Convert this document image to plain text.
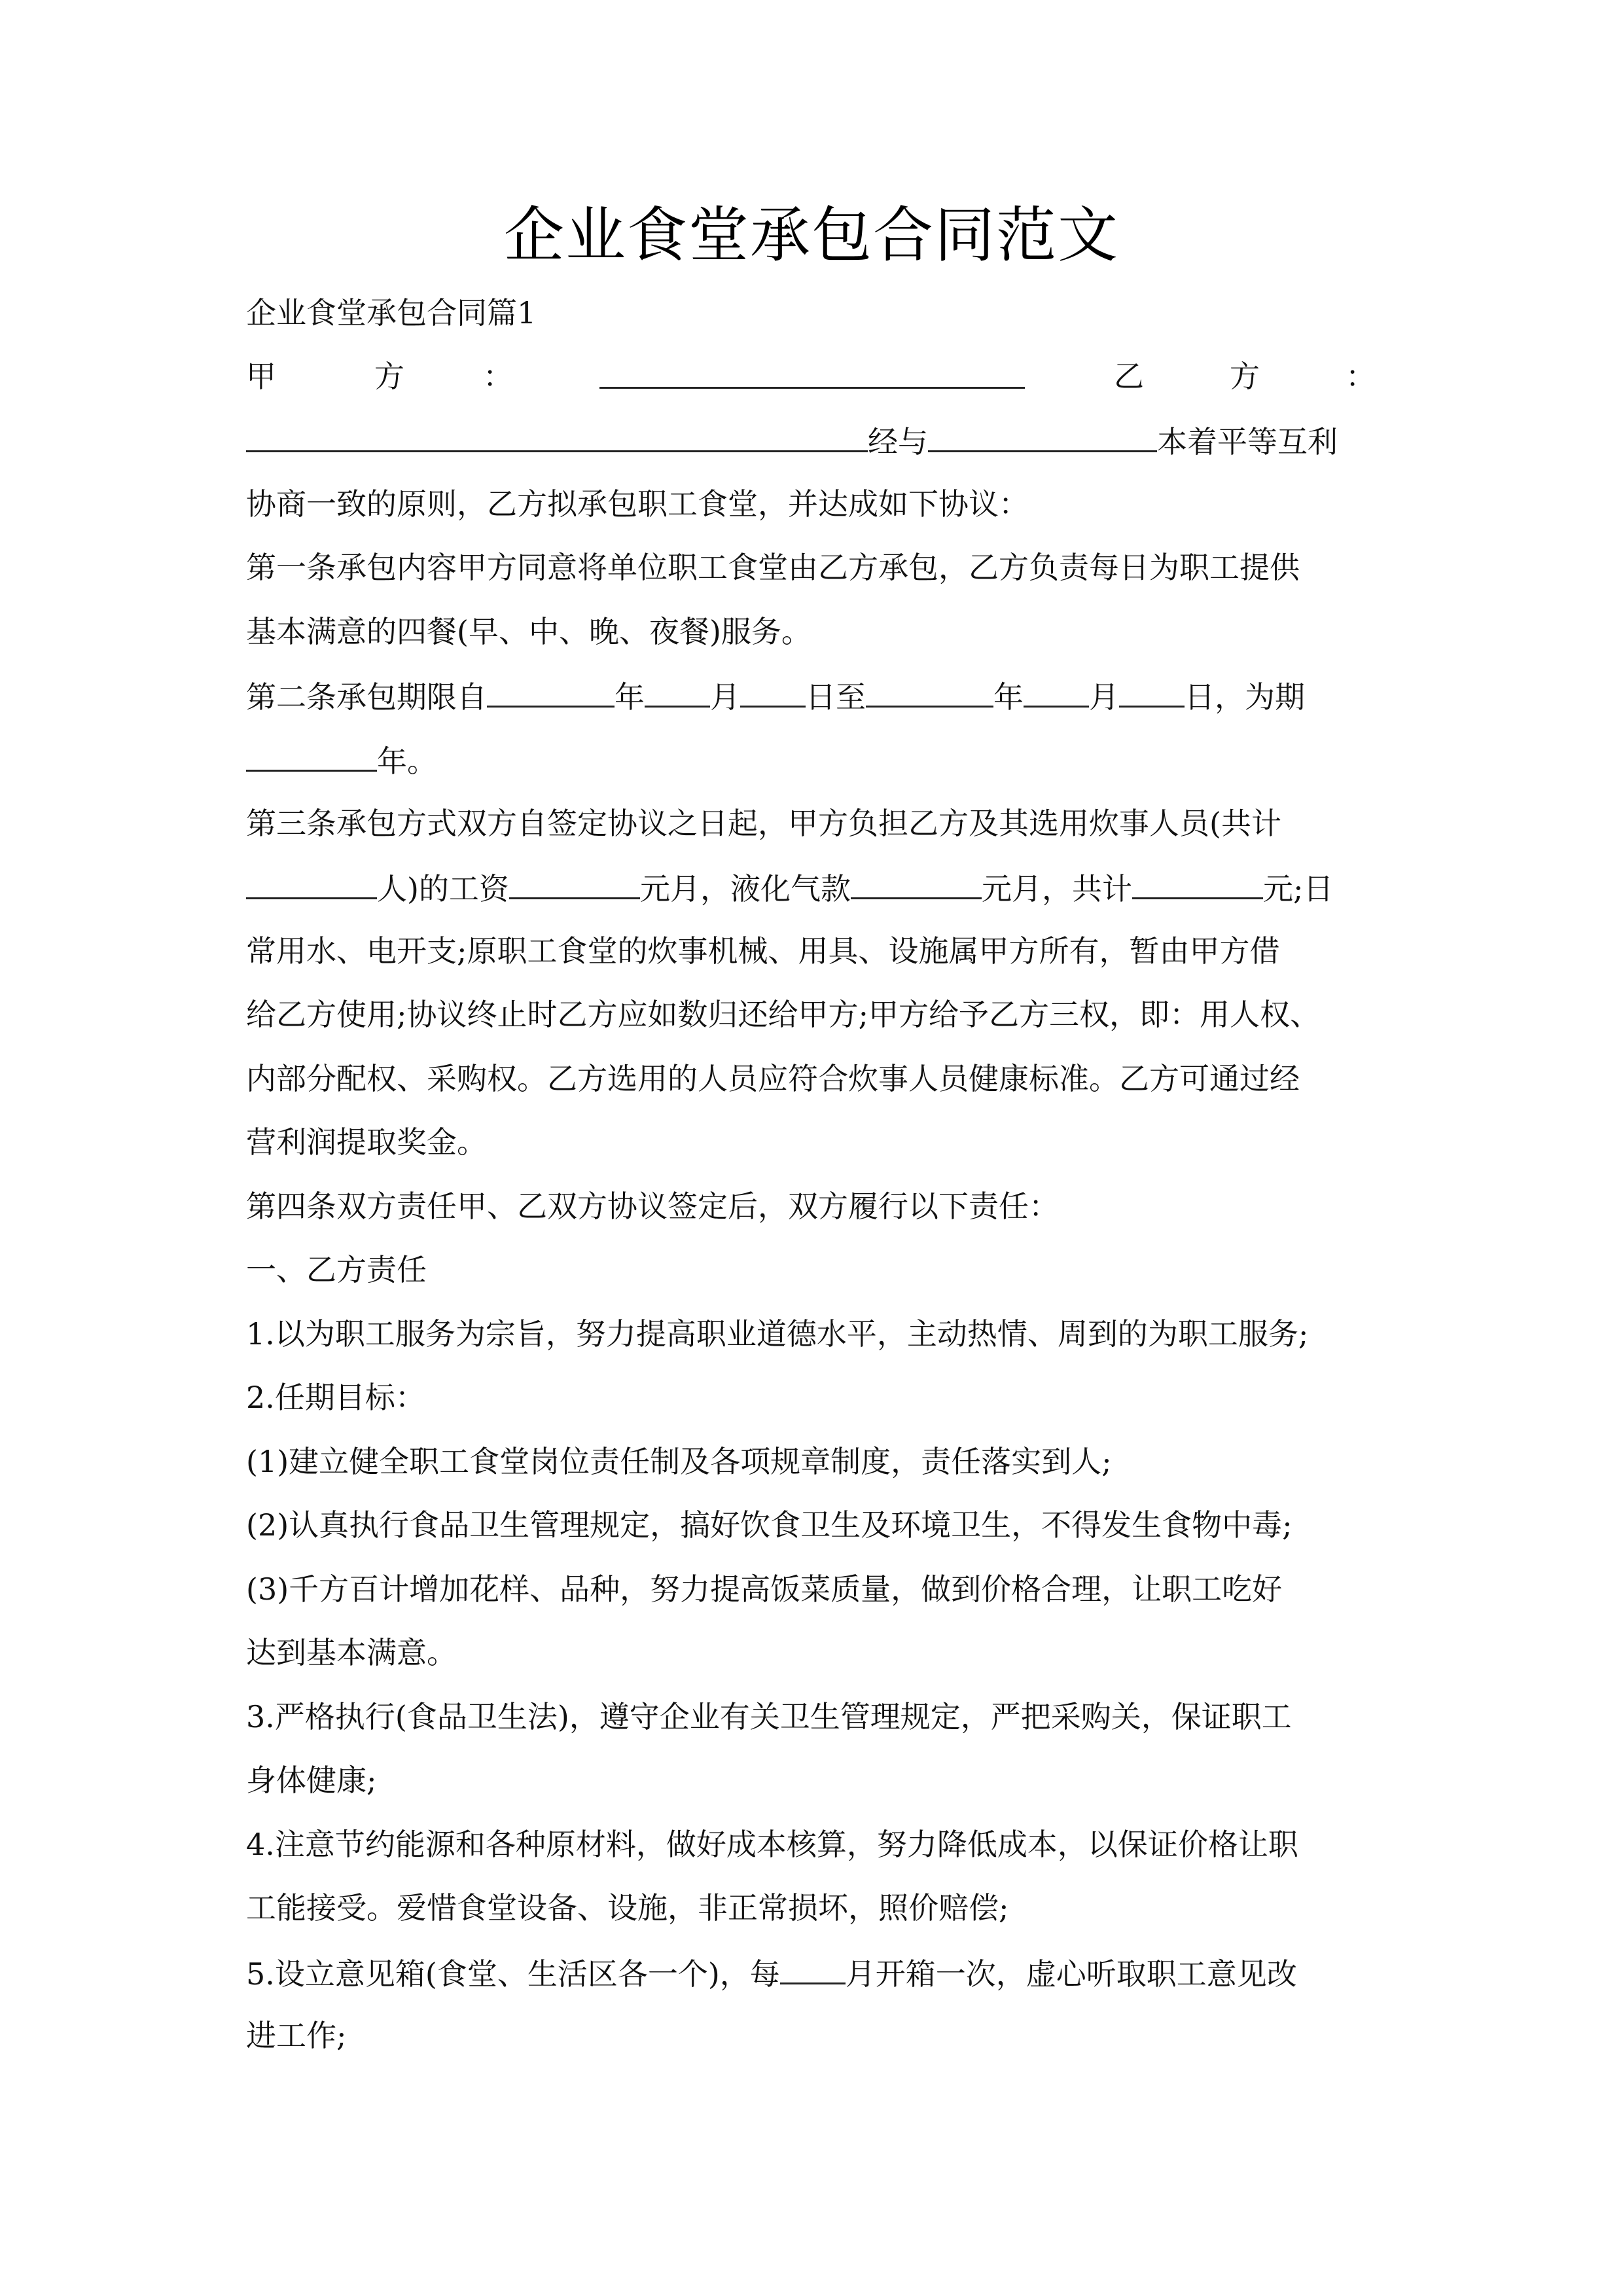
企业食堂承包合同范文
企业食堂承包合同篇1
甲	方	：	乙	方	：
经与	本着平等互利
协商一致的原则，乙方拟承包职工食堂，并达成如下协议：
第一条承包内容甲方同意将单位职工食堂由乙方承包，乙方负责每日为职工提供
基本满意的四餐(早、中、晚、夜餐)服务。
第二条承包期限自	年 月 日至	年 月 日，为期
年。
第三条承包方式双方自签定协议之日起，甲方负担乙方及其选用炊事人员(共计
人)的工资	元月，液化气款	元月，共计	元;日
常用水、电开支;原职工食堂的炊事机械、用具、设施属甲方所有，暂由甲方借
给乙方使用;协议终止时乙方应如数归还给甲方;甲方给予乙方三权，即：用人权、
内部分配权、采购权。乙方选用的人员应符合炊事人员健康标准。乙方可通过经
营利润提取奖金。
第四条双方责任甲、乙双方协议签定后，双方履行以下责任：
一、乙方责任
1.以为职工服务为宗旨，努力提高职业道德水平，主动热情、周到的为职工服务;
2.任期目标：
(1)建立健全职工食堂岗位责任制及各项规章制度，责任落实到人;
(2)认真执行食品卫生管理规定，搞好饮食卫生及环境卫生，不得发生食物中毒;
(3)千方百计增加花样、品种，努力提高饭菜质量，做到价格合理，让职工吃好
达到基本满意。
3.严格执行(食品卫生法)，遵守企业有关卫生管理规定，严把采购关，保证职工
身体健康;
4.注意节约能源和各种原材料，做好成本核算，努力降低成本，以保证价格让职
工能接受。爱惜食堂设备、设施，非正常损坏，照价赔偿;
5.设立意见箱(食堂、生活区各一个)，每 月开箱一次，虚心听取职工意见改
进工作;
